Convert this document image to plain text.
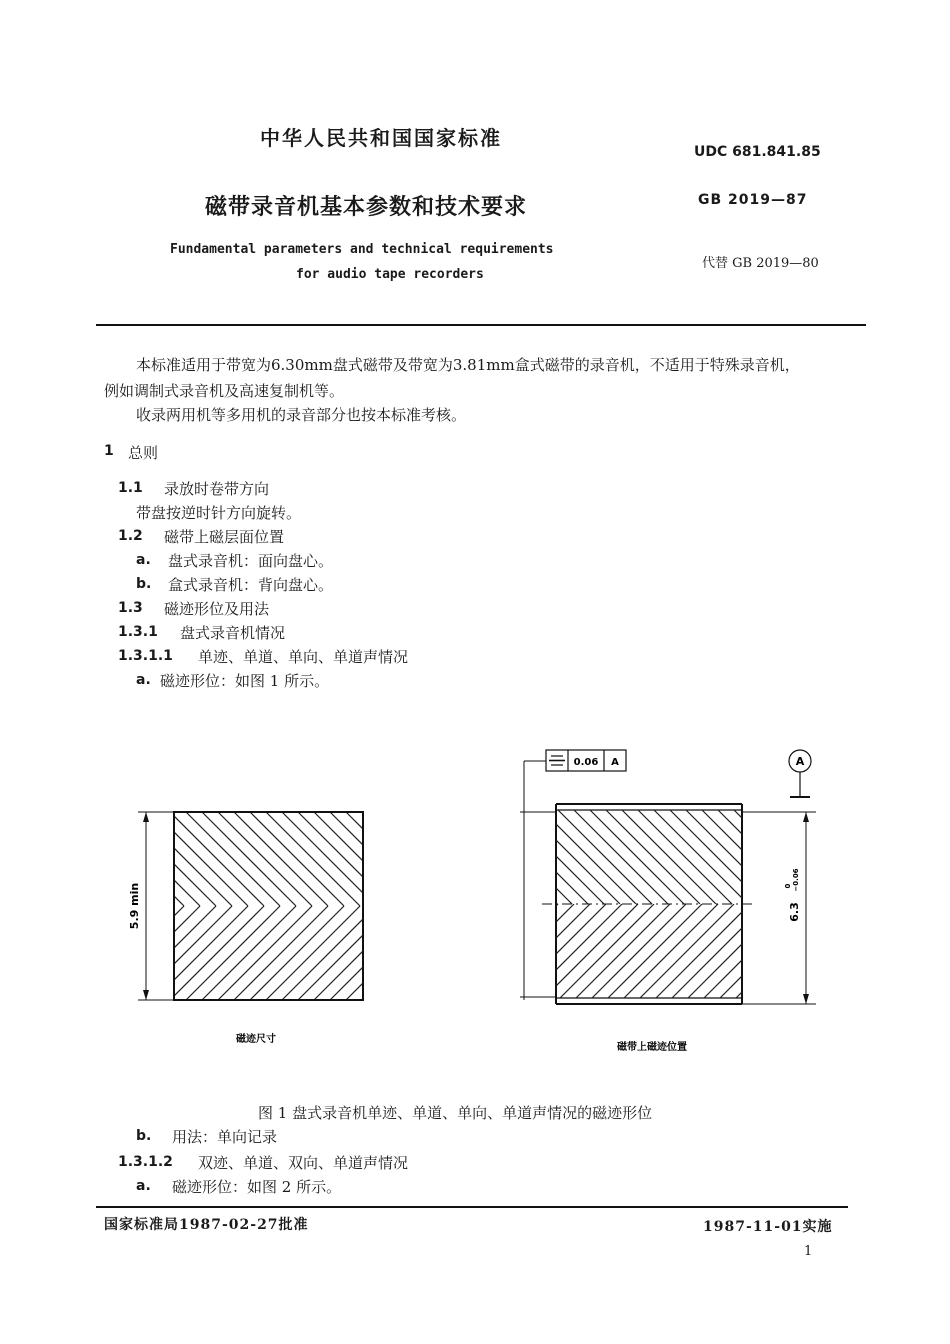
中华人民共和国国家标准
UDC 681.841.85
磁带录音机基本参数和技术要求	GB 2019—87
Fundamental parameters and technical requirements
for audio tape recorders
代替 GB 2019—80
本标准适用于带宽为6.30mm盘式磁带及带宽为3.81mm盒式磁带的录音机，不适用于特殊录音机，
例如调制式录音机及高速复制机等。
收录两用机等多用机的录音部分也按本标准考核。
1 总则
1.1 录放时卷带方向
带盘按逆时针方向旋转。
1.2 磁带上磁层面位置
a. 盘式录音机：面向盘心。
b. 盒式录音机：背向盘心。
1.3 磁迹形位及用法
1.3.1 盘式录音机情况
1.3.1.1 单迹、单道、单向、单道声情况
a. 磁迹形位：如图 1 所示。
5.9 min
磁迹尺寸
0.06 A	A
6.3
0 −0.06
磁带上磁迹位置
图 1 盘式录音机单迹、单道、单向、单道声情况的磁迹形位
b. 用法：单向记录
1.3.1.2 双迹、单道、双向、单道声情况
a. 磁迹形位：如图 2 所示。
国家标准局1987-02-27批准	1987-11-01实施
1
